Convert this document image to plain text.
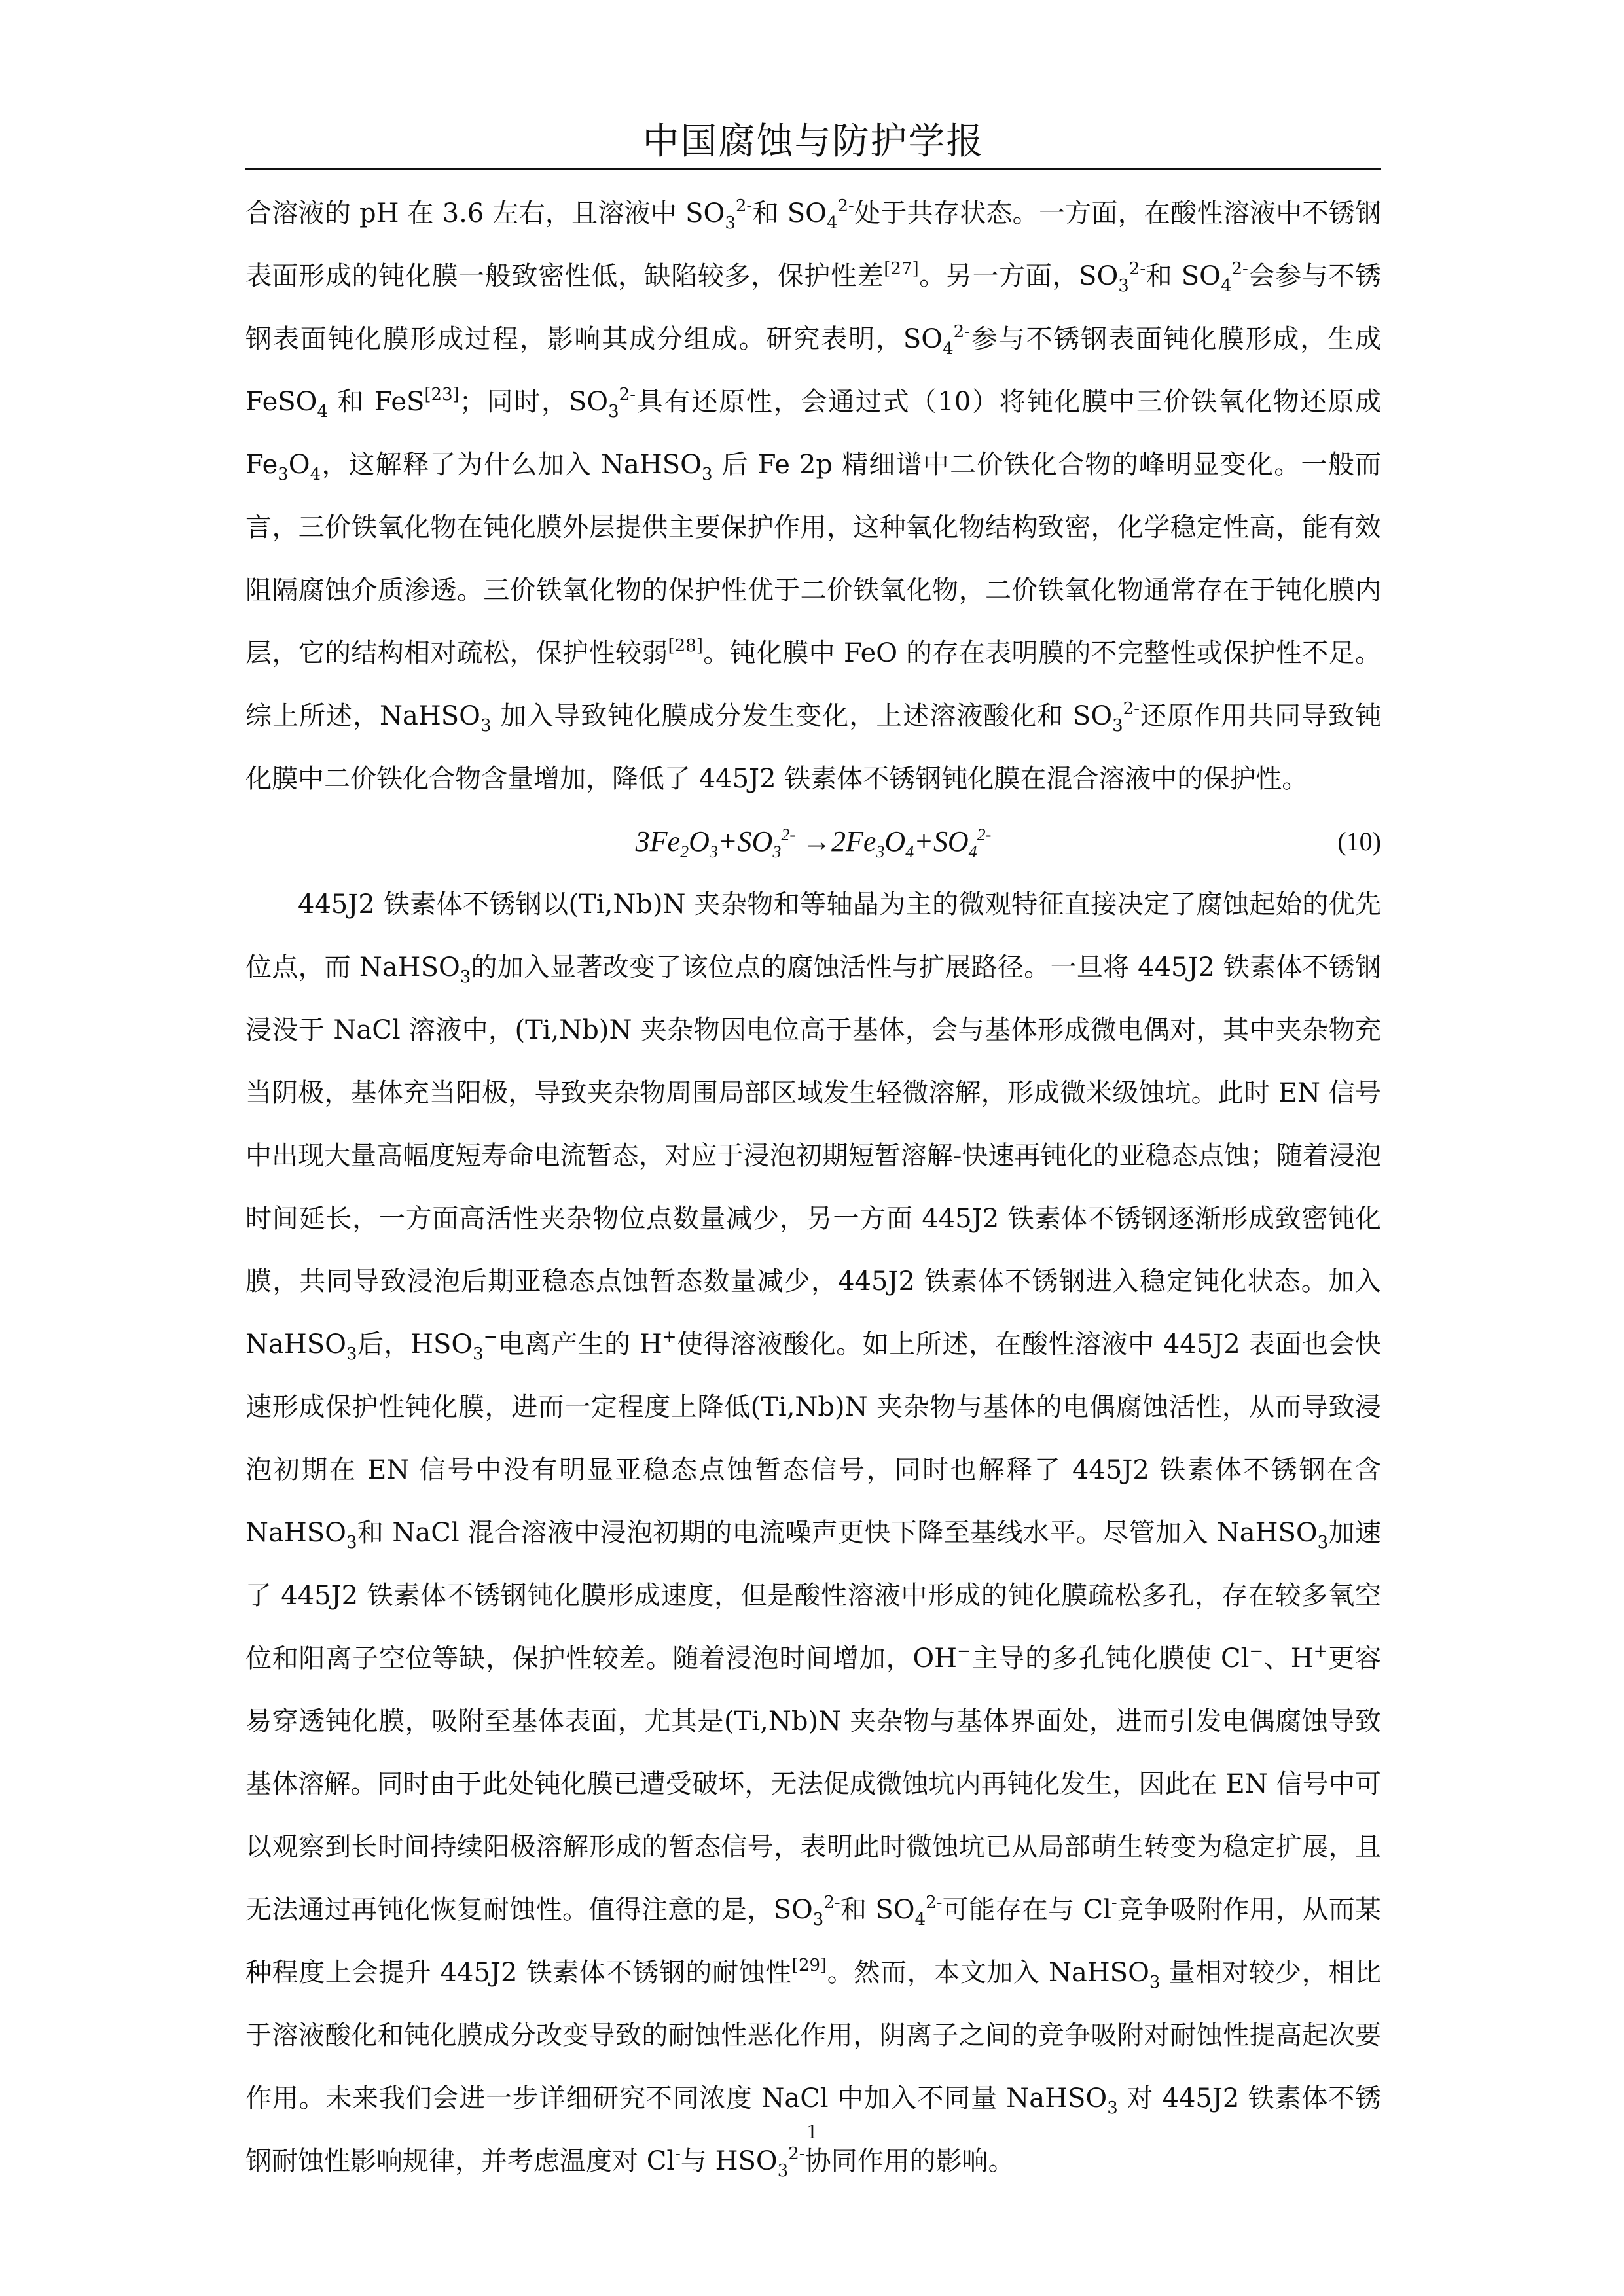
中国腐蚀与防护学报

合溶液的 pH 在 3.6 左右，且溶液中 $SO_3^{2-}$和 $SO_4^{2-}$处于共存状态。一方面，在酸性溶液中不锈钢表面形成的钝化膜一般致密性低，缺陷较多，保护性差[27]。另一方面，$SO_3^{2-}$和 $SO_4^{2-}$会参与不锈钢表面钝化膜形成过程，影响其成分组成。研究表明，$SO_4^{2-}$参与不锈钢表面钝化膜形成，生成 FeSO$_4$ 和 FeS[23]；同时，$SO_3^{2-}$具有还原性，会通过式（10）将钝化膜中三价铁氧化物还原成 $Fe_3O_4$，这解释了为什么加入 NaHSO$_3$ 后 Fe 2p 精细谱中二价铁化合物的峰明显变化。一般而言，三价铁氧化物在钝化膜外层提供主要保护作用，这种氧化物结构致密，化学稳定性高，能有效阻隔腐蚀介质渗透。三价铁氧化物的保护性优于二价铁氧化物，二价铁氧化物通常存在于钝化膜内层，它的结构相对疏松，保护性较弱[28]。钝化膜中 FeO 的存在表明膜的不完整性或保护性不足。综上所述，NaHSO$_3$ 加入导致钝化膜成分发生变化，上述溶液酸化和 $SO_3^{2-}$还原作用共同导致钝化膜中二价铁化合物含量增加，降低了 445J2 铁素体不锈钢钝化膜在混合溶液中的保护性。

$3Fe_2O_3+SO_3^{2-} \to 2Fe_3O_4+SO_4^{2-}$	(10)

445J2 铁素体不锈钢以(Ti,Nb)N 夹杂物和等轴晶为主的微观特征直接决定了腐蚀起始的优先位点，而 NaHSO$_3$的加入显著改变了该位点的腐蚀活性与扩展路径。一旦将 445J2 铁素体不锈钢浸没于 NaCl 溶液中，(Ti,Nb)N 夹杂物因电位高于基体，会与基体形成微电偶对，其中夹杂物充当阴极，基体充当阳极，导致夹杂物周围局部区域发生轻微溶解，形成微米级蚀坑。此时 EN 信号中出现大量高幅度短寿命电流暂态，对应于浸泡初期短暂溶解-快速再钝化的亚稳态点蚀；随着浸泡时间延长，一方面高活性夹杂物位点数量减少，另一方面 445J2 铁素体不锈钢逐渐形成致密钝化膜，共同导致浸泡后期亚稳态点蚀暂态数量减少，445J2 铁素体不锈钢进入稳定钝化状态。加入 NaHSO$_3$后，$HSO_3^-$电离产生的 H+使得溶液酸化。如上所述，在酸性溶液中 445J2 表面也会快速形成保护性钝化膜，进而一定程度上降低(Ti,Nb)N 夹杂物与基体的电偶腐蚀活性，从而导致浸泡初期在 EN 信号中没有明显亚稳态点蚀暂态信号，同时也解释了 445J2 铁素体不锈钢在含 NaHSO$_3$和 NaCl 混合溶液中浸泡初期的电流噪声更快下降至基线水平。尽管加入 NaHSO$_3$加速了 445J2 铁素体不锈钢钝化膜形成速度，但是酸性溶液中形成的钝化膜疏松多孔，存在较多氧空位和阳离子空位等缺，保护性较差。随着浸泡时间增加，OH−主导的多孔钝化膜使 Cl−、H+更容易穿透钝化膜，吸附至基体表面，尤其是(Ti,Nb)N 夹杂物与基体界面处，进而引发电偶腐蚀导致基体溶解。同时由于此处钝化膜已遭受破坏，无法促成微蚀坑内再钝化发生，因此在 EN 信号中可以观察到长时间持续阳极溶解形成的暂态信号，表明此时微蚀坑已从局部萌生转变为稳定扩展，且无法通过再钝化恢复耐蚀性。值得注意的是，$SO_3^{2-}$和 $SO_4^{2-}$可能存在与 Cl-竞争吸附作用，从而某种程度上会提升 445J2 铁素体不锈钢的耐蚀性[29]。然而，本文加入 NaHSO$_3$ 量相对较少，相比于溶液酸化和钝化膜成分改变导致的耐蚀性恶化作用，阴离子之间的竞争吸附对耐蚀性提高起次要作用。未来我们会进一步详细研究不同浓度 NaCl 中加入不同量 NaHSO$_3$ 对 445J2 铁素体不锈钢耐蚀性影响规律，并考虑温度对 Cl-与 $HSO_3^{2-}$协同作用的影响。

1
